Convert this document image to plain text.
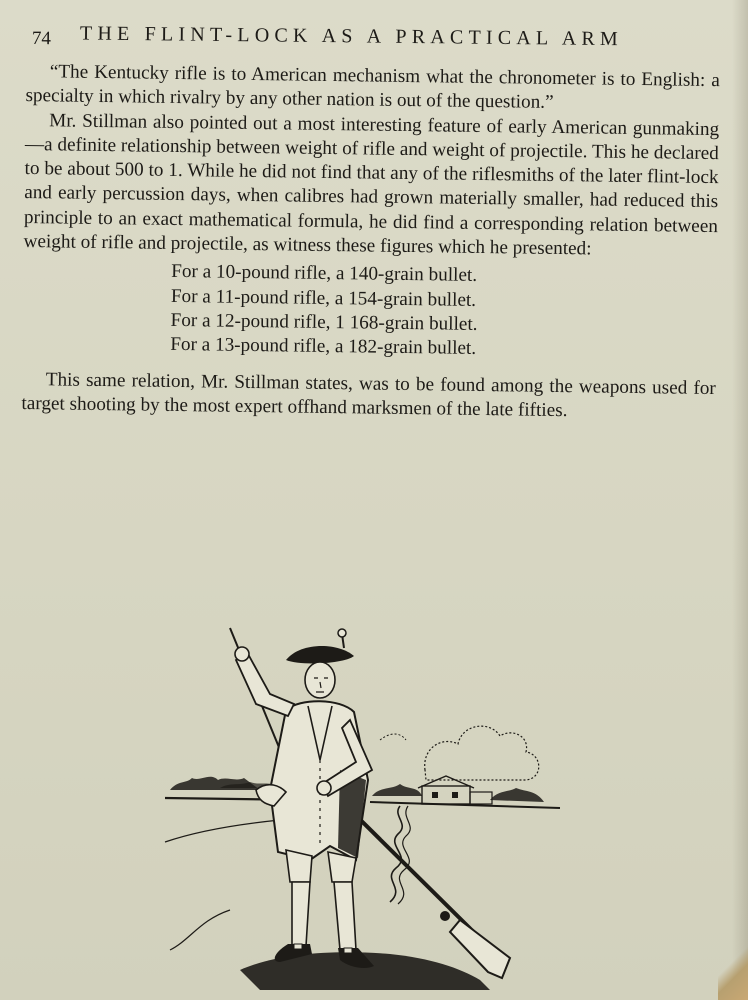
74 THE FLINT-LOCK AS A PRACTICAL ARM

“The Kentucky rifle is to American mechanism what the chronometer is to English: a specialty in which rivalry by any other nation is out of the question.”

Mr. Stillman also pointed out a most interesting feature of early American gunmaking—a definite relationship between weight of rifle and weight of projectile. This he declared to be about 500 to 1. While he did not find that any of the riflesmiths of the later flint-lock and early percussion days, when calibres had grown materially smaller, had reduced this principle to an exact mathematical formula, he did find a corresponding relation between weight of rifle and projectile, as witness these figures which he presented:

For a 10-pound rifle, a 140-grain bullet.
For a 11-pound rifle, a 154-grain bullet.
For a 12-pound rifle, 1 168-grain bullet.
For a 13-pound rifle, a 182-grain bullet.

This same relation, Mr. Stillman states, was to be found among the weapons used for target shooting by the most expert offhand marksmen of the late fifties.
